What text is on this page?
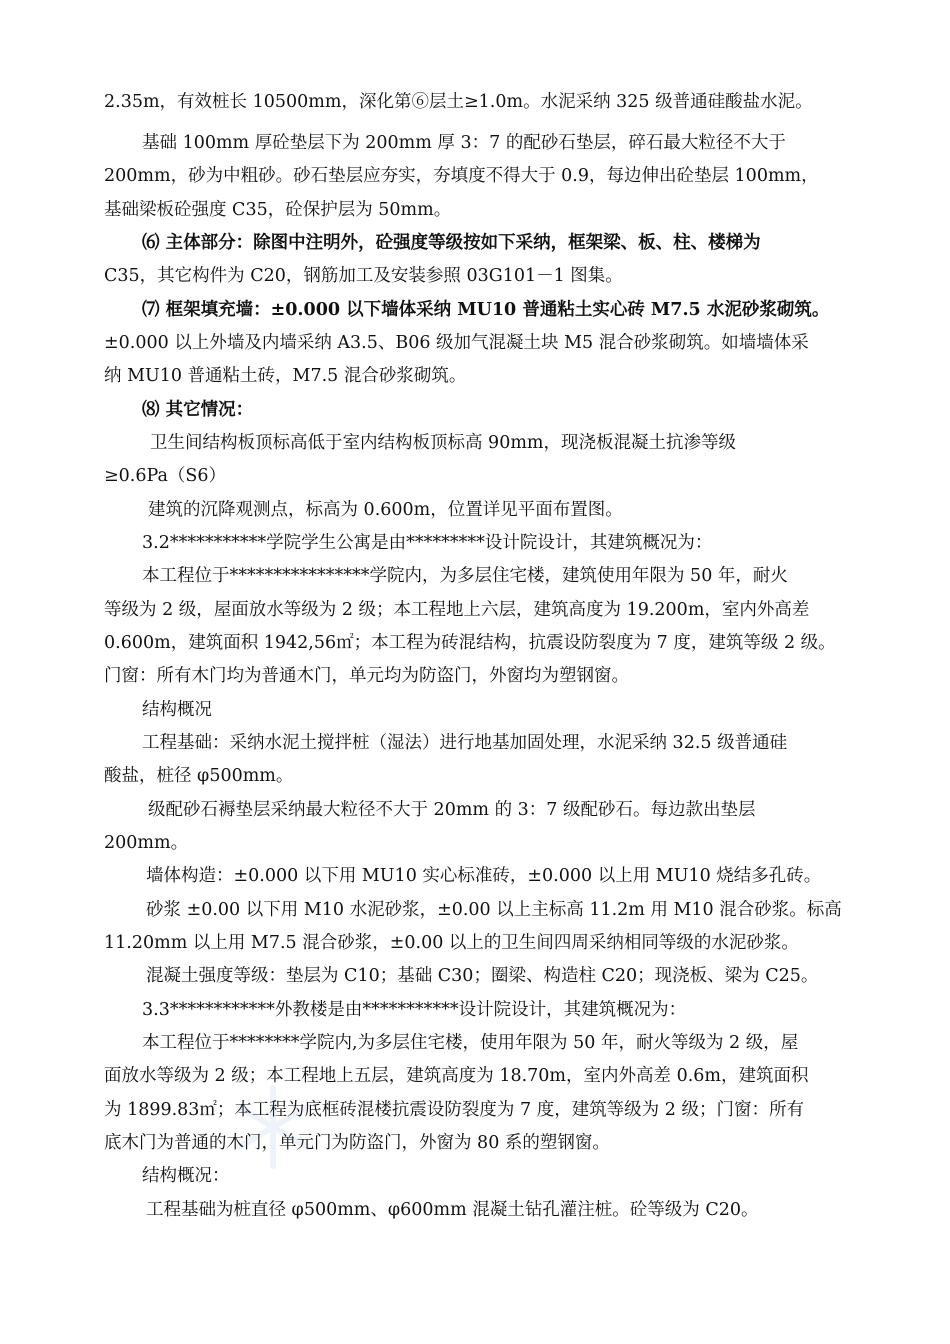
2.35m，有效桩长 10500mm，深化第⑥层土≥1.0m。水泥采纳 325 级普通硅酸盐水泥。
基础 100mm 厚砼垫层下为 200mm 厚 3：7 的配砂石垫层，碎石最大粒径不大于
200mm，砂为中粗砂。砂石垫层应夯实，夯填度不得大于 0.9，每边伸出砼垫层 100mm，
基础梁板砼强度 C35，砼保护层为 50mm。
⑹ 主体部分：除图中注明外，砼强度等级按如下采纳，框架梁、板、柱、楼梯为
C35，其它构件为 C20，钢筋加工及安装参照 03G101－1 图集。
⑺ 框架填充墙：±0.000 以下墙体采纳 MU10 普通粘土实心砖 M7.5 水泥砂浆砌筑。
±0.000 以上外墙及内墙采纳 A3.5、B06 级加气混凝土块 M5 混合砂浆砌筑。如墙墙体采
纳 MU10 普通粘土砖，M7.5 混合砂浆砌筑。
⑻ 其它情况：
卫生间结构板顶标高低于室内结构板顶标高 90mm，现浇板混凝土抗渗等级
≥0.6Pa（S6）
建筑的沉降观测点，标高为 0.600m，位置详见平面布置图。
3.2***********学院学生公寓是由*********设计院设计，其建筑概况为：
本工程位于****************学院内，为多层住宅楼，建筑使用年限为 50 年，耐火
等级为 2 级，屋面放水等级为 2 级；本工程地上六层，建筑高度为 19.200m，室内外高差
0.600m，建筑面积 1942,56㎡；本工程为砖混结构，抗震设防裂度为 7 度，建筑等级 2 级。
门窗：所有木门均为普通木门，单元均为防盗门，外窗均为塑钢窗。
结构概况
工程基础：采纳水泥土搅拌桩（湿法）进行地基加固处理，水泥采纳 32.5 级普通硅
酸盐，桩径 φ500mm。
级配砂石褥垫层采纳最大粒径不大于 20mm 的 3：7 级配砂石。每边款出垫层
200mm。
墙体构造：±0.000 以下用 MU10 实心标准砖，±0.000 以上用 MU10 烧结多孔砖。
砂浆 ±0.00 以下用 M10 水泥砂浆，±0.00 以上主标高 11.2m 用 M10 混合砂浆。标高
11.20mm 以上用 M7.5 混合砂浆，±0.00 以上的卫生间四周采纳相同等级的水泥砂浆。
混凝土强度等级：垫层为 C10；基础 C30；圈梁、构造柱 C20；现浇板、梁为 C25。
3.3************外教楼是由***********设计院设计，其建筑概况为：
本工程位于********学院内,为多层住宅楼，使用年限为 50 年，耐火等级为 2 级，屋
面放水等级为 2 级；本工程地上五层，建筑高度为 18.70m，室内外高差 0.6m，建筑面积
为 1899.83㎡；本工程为底框砖混楼抗震设防裂度为 7 度，建筑等级为 2 级；门窗：所有
底木门为普通的木门，单元门为防盗门，外窗为 80 系的塑钢窗。
结构概况：
工程基础为桩直径 φ500mm、φ600mm 混凝土钻孔灌注桩。砼等级为 C20。
